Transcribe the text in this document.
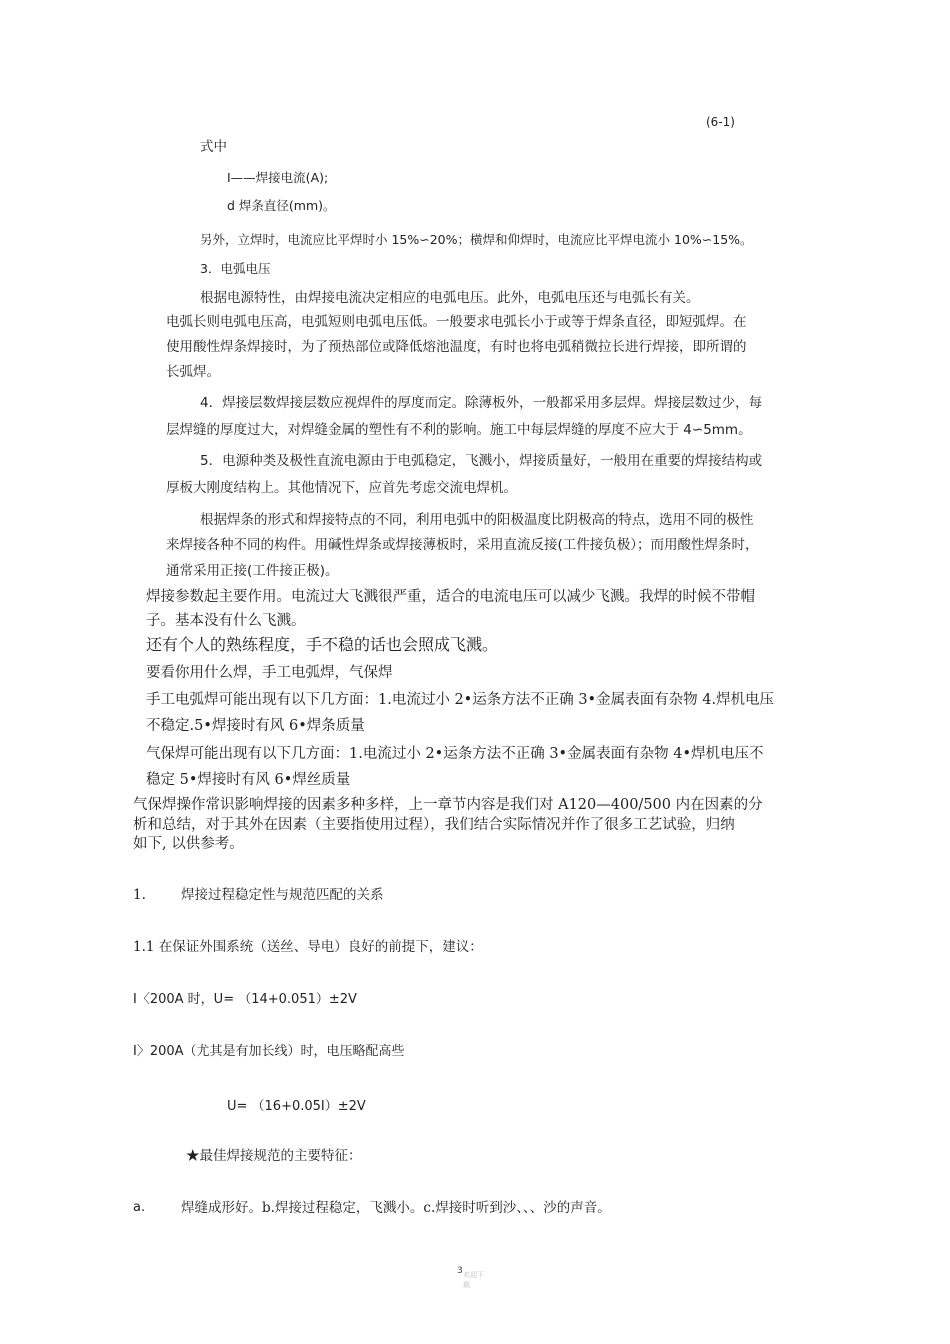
(6-1)
式中
I——焊接电流(A);
d 焊条直径(mm)。
另外，立焊时，电流应比平焊时小 15%∽20%；横焊和仰焊时，电流应比平焊电流小 10%∽15%。
3．电弧电压
根据电源特性，由焊接电流决定相应的电弧电压。此外，电弧电压还与电弧长有关。
电弧长则电弧电压高，电弧短则电弧电压低。一般要求电弧长小于或等于焊条直径，即短弧焊。在
使用酸性焊条焊接时，为了预热部位或降低熔池温度，有时也将电弧稍微拉长进行焊接，即所谓的
长弧焊。
4．焊接层数焊接层数应视焊件的厚度而定。除薄板外，一般都采用多层焊。焊接层数过少，每
层焊缝的厚度过大，对焊缝金属的塑性有不利的影响。施工中每层焊缝的厚度不应大于 4∽5mm。
5．电源种类及极性直流电源由于电弧稳定，飞溅小，焊接质量好，一般用在重要的焊接结构或
厚板大刚度结构上。其他情况下，应首先考虑交流电焊机。
根据焊条的形式和焊接特点的不同，利用电弧中的阳极温度比阴极高的特点，选用不同的极性
来焊接各种不同的构件。用碱性焊条或焊接薄板时，采用直流反接(工件接负极）；而用酸性焊条时，
通常采用正接(工件接正极)。
焊接参数起主要作用。电流过大飞溅很严重，适合的电流电压可以减少飞溅。我焊的时候不带帽
子。基本没有什么飞溅。
还有个人的熟练程度，手不稳的话也会照成飞溅。
要看你用什么焊，手工电弧焊，气保焊
手工电弧焊可能出现有以下几方面：1.电流过小 2•运条方法不正确 3•金属表面有杂物 4.焊机电压
不稳定.5•焊接时有风 6•焊条质量
气保焊可能出现有以下几方面：1.电流过小 2•运条方法不正确 3•金属表面有杂物 4•焊机电压不
稳定 5•焊接时有风 6•焊丝质量
气保焊操作常识影响焊接的因素多种多样，上一章节内容是我们对 A120—400/500 内在因素的分
析和总结，对于其外在因素（主要指使用过程），我们结合实际情况并作了很多工艺试验，归纳
如下, 以供参考。
1.	焊接过程稳定性与规范匹配的关系
1.1 在保证外围系统（送丝、导电）良好的前提下，建议：
I〈200A 时，U= （14+0.051）±2V
I〉200A（尤其是有加长线）时，电压略配高些
U= （16+0.05I）±2V
★最佳焊接规范的主要特征：
a.	焊缝成形好。b.焊接过程稳定，飞溅小。c.焊接时听到沙、、、沙的声音。
3 欢迎下载
